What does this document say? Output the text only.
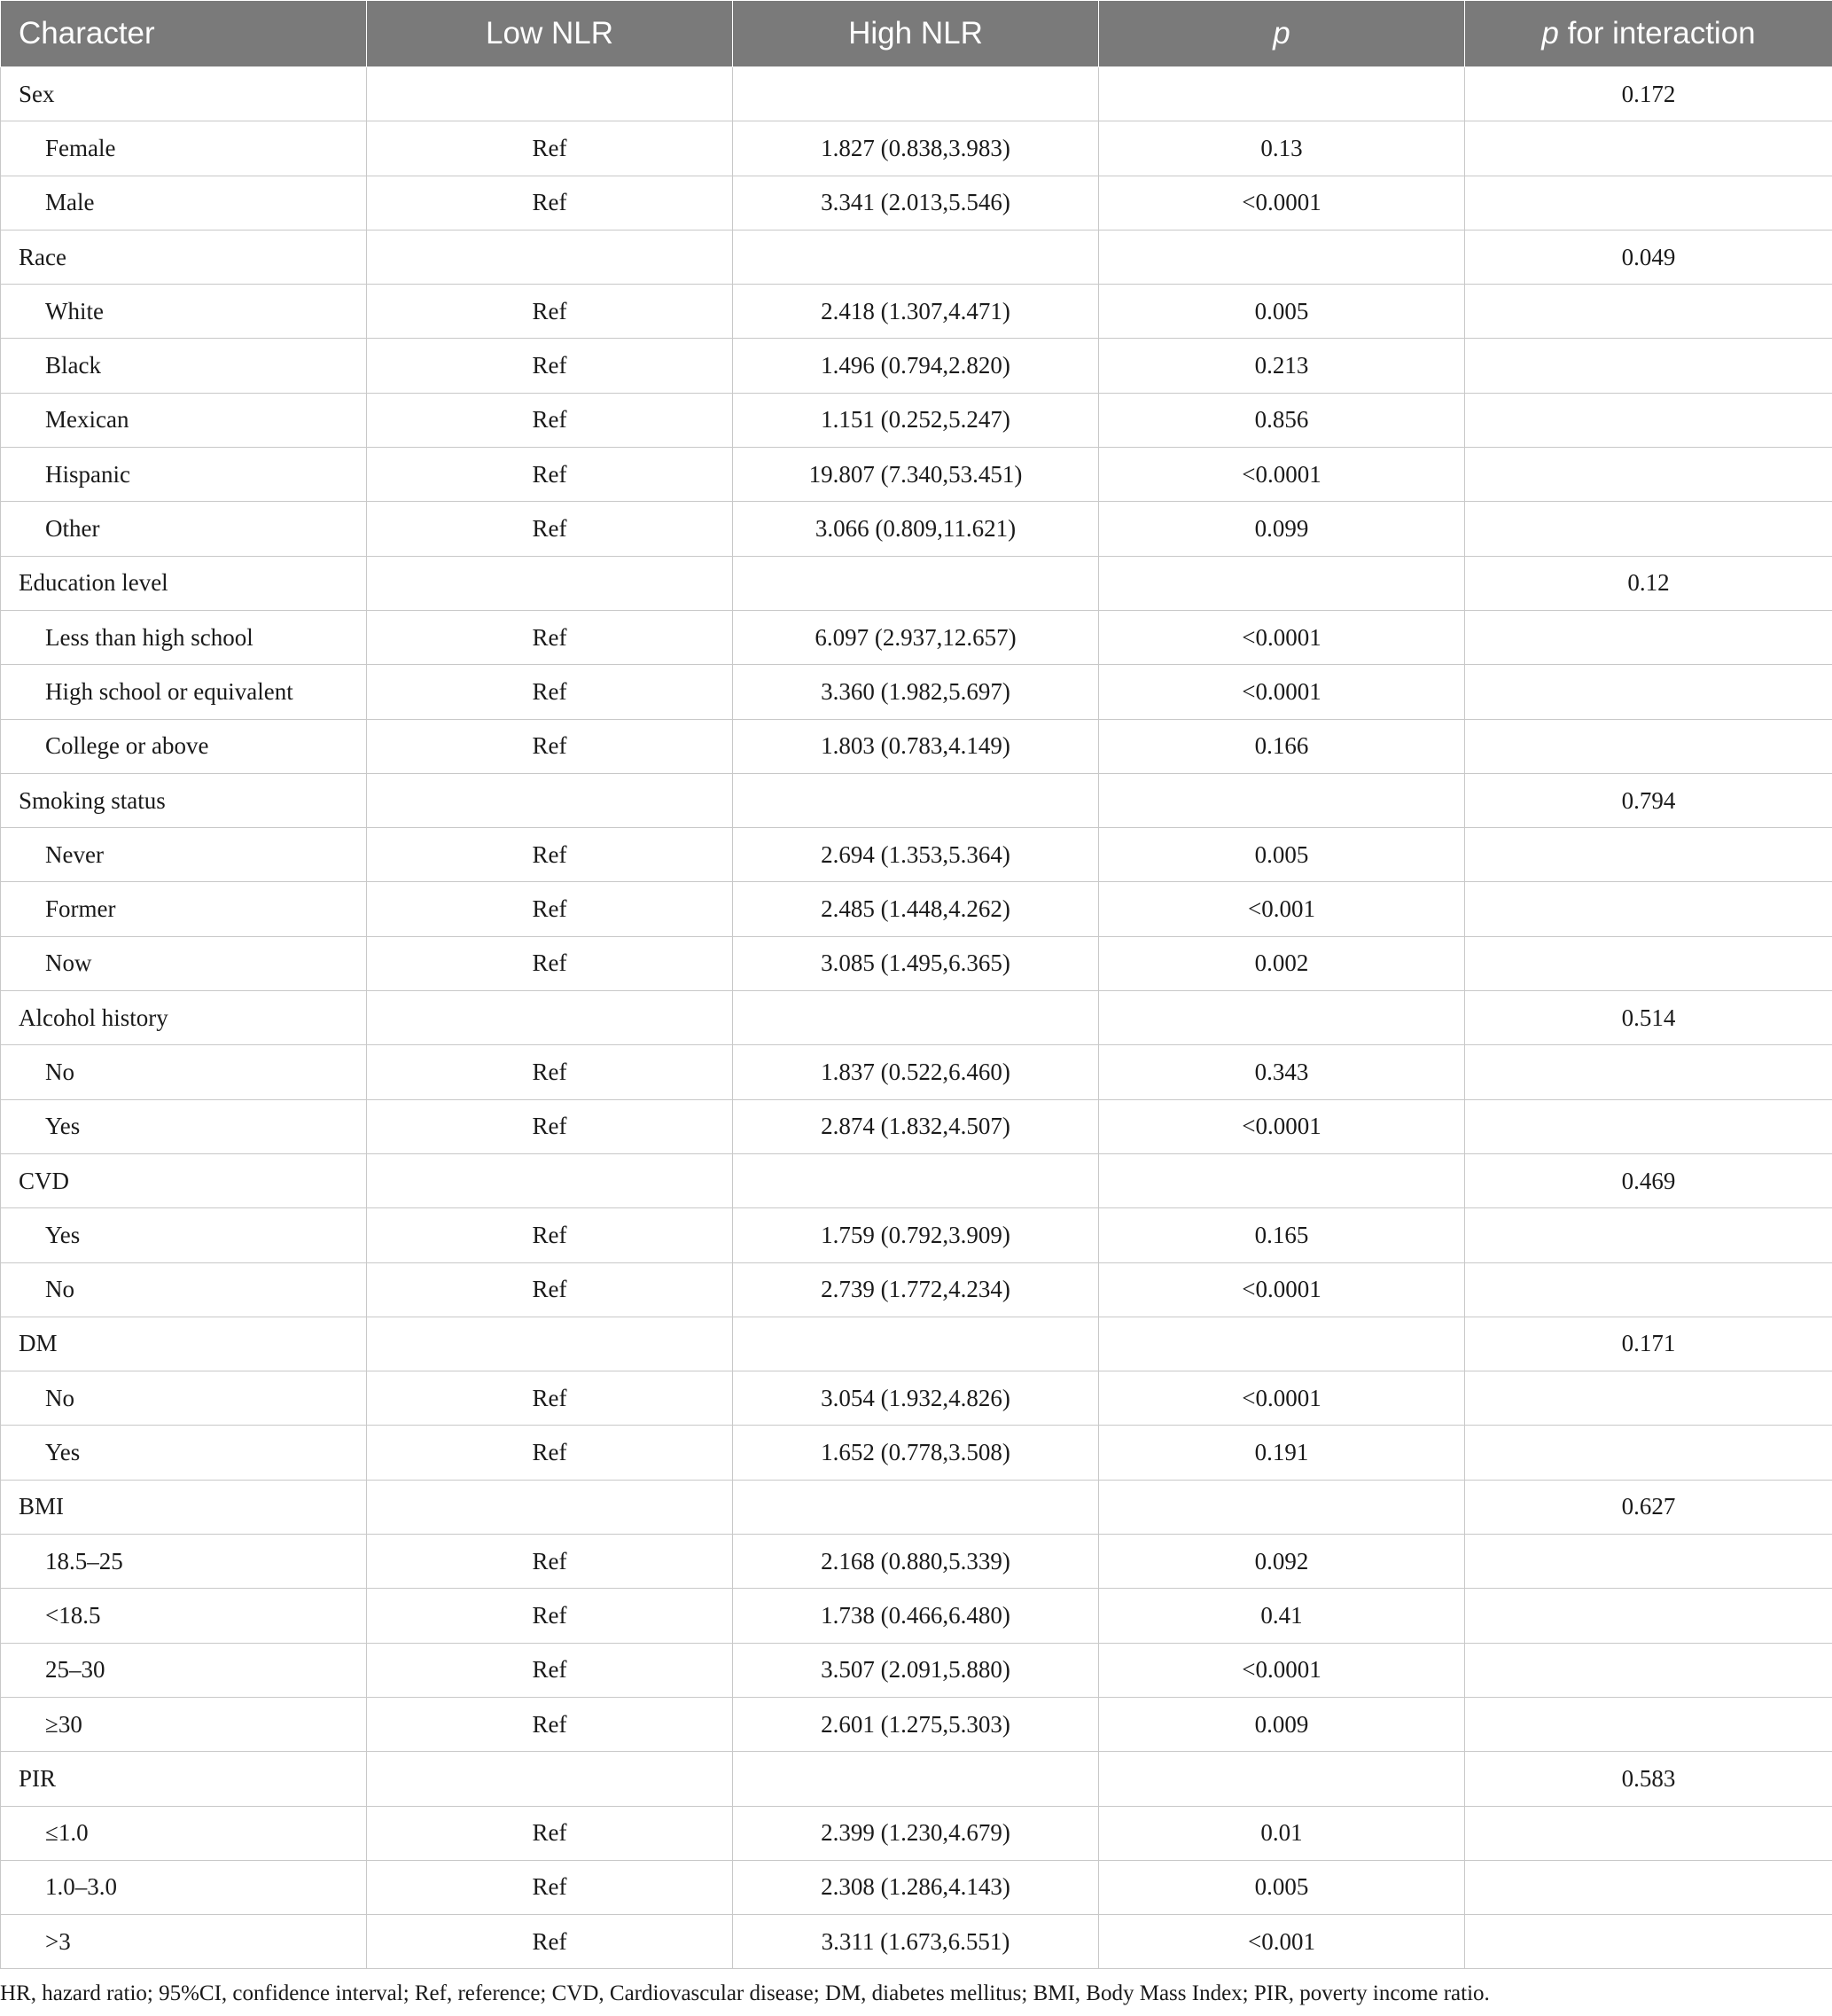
Character	Low NLR	High NLR	p	p for interaction
Sex				0.172
Female	Ref	1.827 (0.838,3.983)	0.13	
Male	Ref	3.341 (2.013,5.546)	<0.0001	
Race				0.049
White	Ref	2.418 (1.307,4.471)	0.005	
Black	Ref	1.496 (0.794,2.820)	0.213	
Mexican	Ref	1.151 (0.252,5.247)	0.856	
Hispanic	Ref	19.807 (7.340,53.451)	<0.0001	
Other	Ref	3.066 (0.809,11.621)	0.099	
Education level				0.12
Less than high school	Ref	6.097 (2.937,12.657)	<0.0001	
High school or equivalent	Ref	3.360 (1.982,5.697)	<0.0001	
College or above	Ref	1.803 (0.783,4.149)	0.166	
Smoking status				0.794
Never	Ref	2.694 (1.353,5.364)	0.005	
Former	Ref	2.485 (1.448,4.262)	<0.001	
Now	Ref	3.085 (1.495,6.365)	0.002	
Alcohol history				0.514
No	Ref	1.837 (0.522,6.460)	0.343	
Yes	Ref	2.874 (1.832,4.507)	<0.0001	
CVD				0.469
Yes	Ref	1.759 (0.792,3.909)	0.165	
No	Ref	2.739 (1.772,4.234)	<0.0001	
DM				0.171
No	Ref	3.054 (1.932,4.826)	<0.0001	
Yes	Ref	1.652 (0.778,3.508)	0.191	
BMI				0.627
18.5–25	Ref	2.168 (0.880,5.339)	0.092	
<18.5	Ref	1.738 (0.466,6.480)	0.41	
25–30	Ref	3.507 (2.091,5.880)	<0.0001	
≥30	Ref	2.601 (1.275,5.303)	0.009	
PIR				0.583
≤1.0	Ref	2.399 (1.230,4.679)	0.01	
1.0–3.0	Ref	2.308 (1.286,4.143)	0.005	
>3	Ref	3.311 (1.673,6.551)	<0.001	

HR, hazard ratio; 95%CI, confidence interval; Ref, reference; CVD, Cardiovascular disease; DM, diabetes mellitus; BMI, Body Mass Index; PIR, poverty income ratio.
